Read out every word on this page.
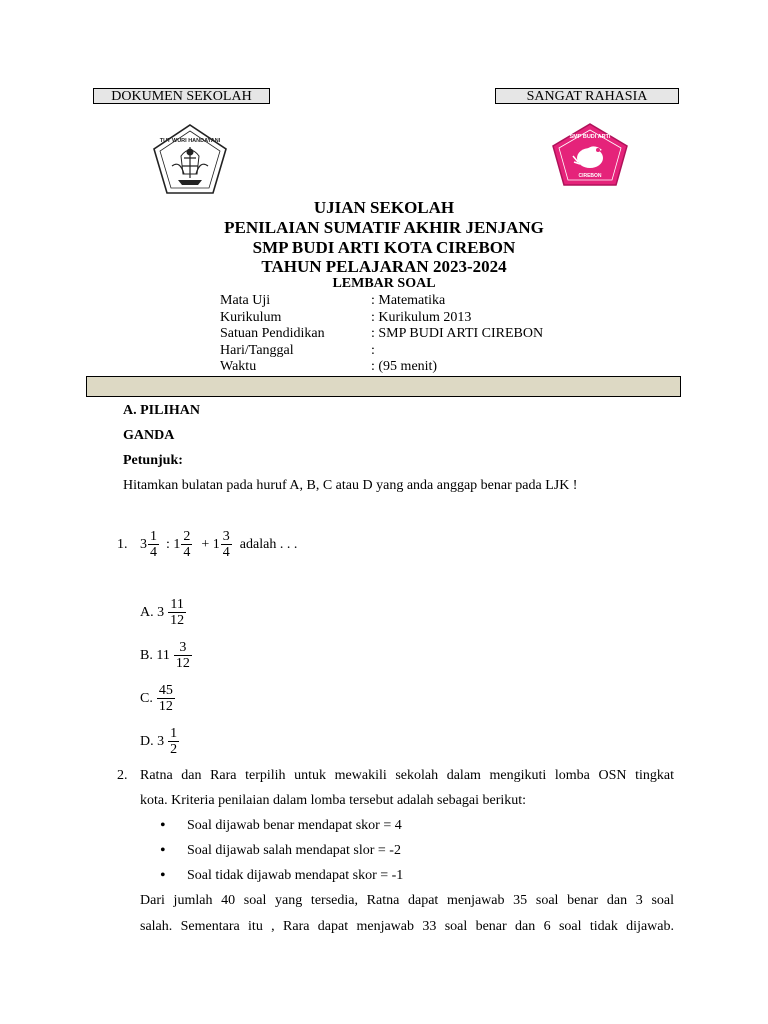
DOKUMEN SEKOLAH	SANGAT RAHASIA
TUT WURI HANDAYANI
SMP BUDI ARTI
CIREBON
UJIAN SEKOLAH
PENILAIAN SUMATIF AKHIR JENJANG
SMP BUDI ARTI KOTA CIREBON
TAHUN PELAJARAN 2023-2024
LEMBAR SOAL
Mata Uji	: Matematika
Kurikulum	: Kurikulum 2013
Satuan Pendidikan	: SMP BUDI ARTI CIREBON
Hari/Tanggal	:
Waktu	: (95 menit)
A. PILIHAN
GANDA
Petunjuk:
Hitamkan bulatan pada huruf A, B, C atau D yang anda anggap benar pada LJK !
1. $3 \frac{1}{4}$ : $1 \frac{2}{4} + 1 \frac{3}{4}$ adalah . . .
A. $3 \frac{11}{12}$
B. $11 \frac{3}{12}$
C. $\frac{45}{12}$
D. $3 \frac{1}{2}$
2. Ratna dan Rara terpilih untuk mewakili sekolah dalam mengikuti lomba OSN tingkat
kota. Kriteria penilaian dalam lomba tersebut adalah sebagai berikut:
•	Soal dijawab benar mendapat skor = 4
•	Soal dijawab salah mendapat slor = -2
•	Soal tidak dijawab mendapat skor = -1
Dari jumlah 40 soal yang tersedia, Ratna dapat menjawab 35 soal benar dan 3 soal
salah. Sementara itu , Rara dapat menjawab 33 soal benar dan 6 soal tidak dijawab.
